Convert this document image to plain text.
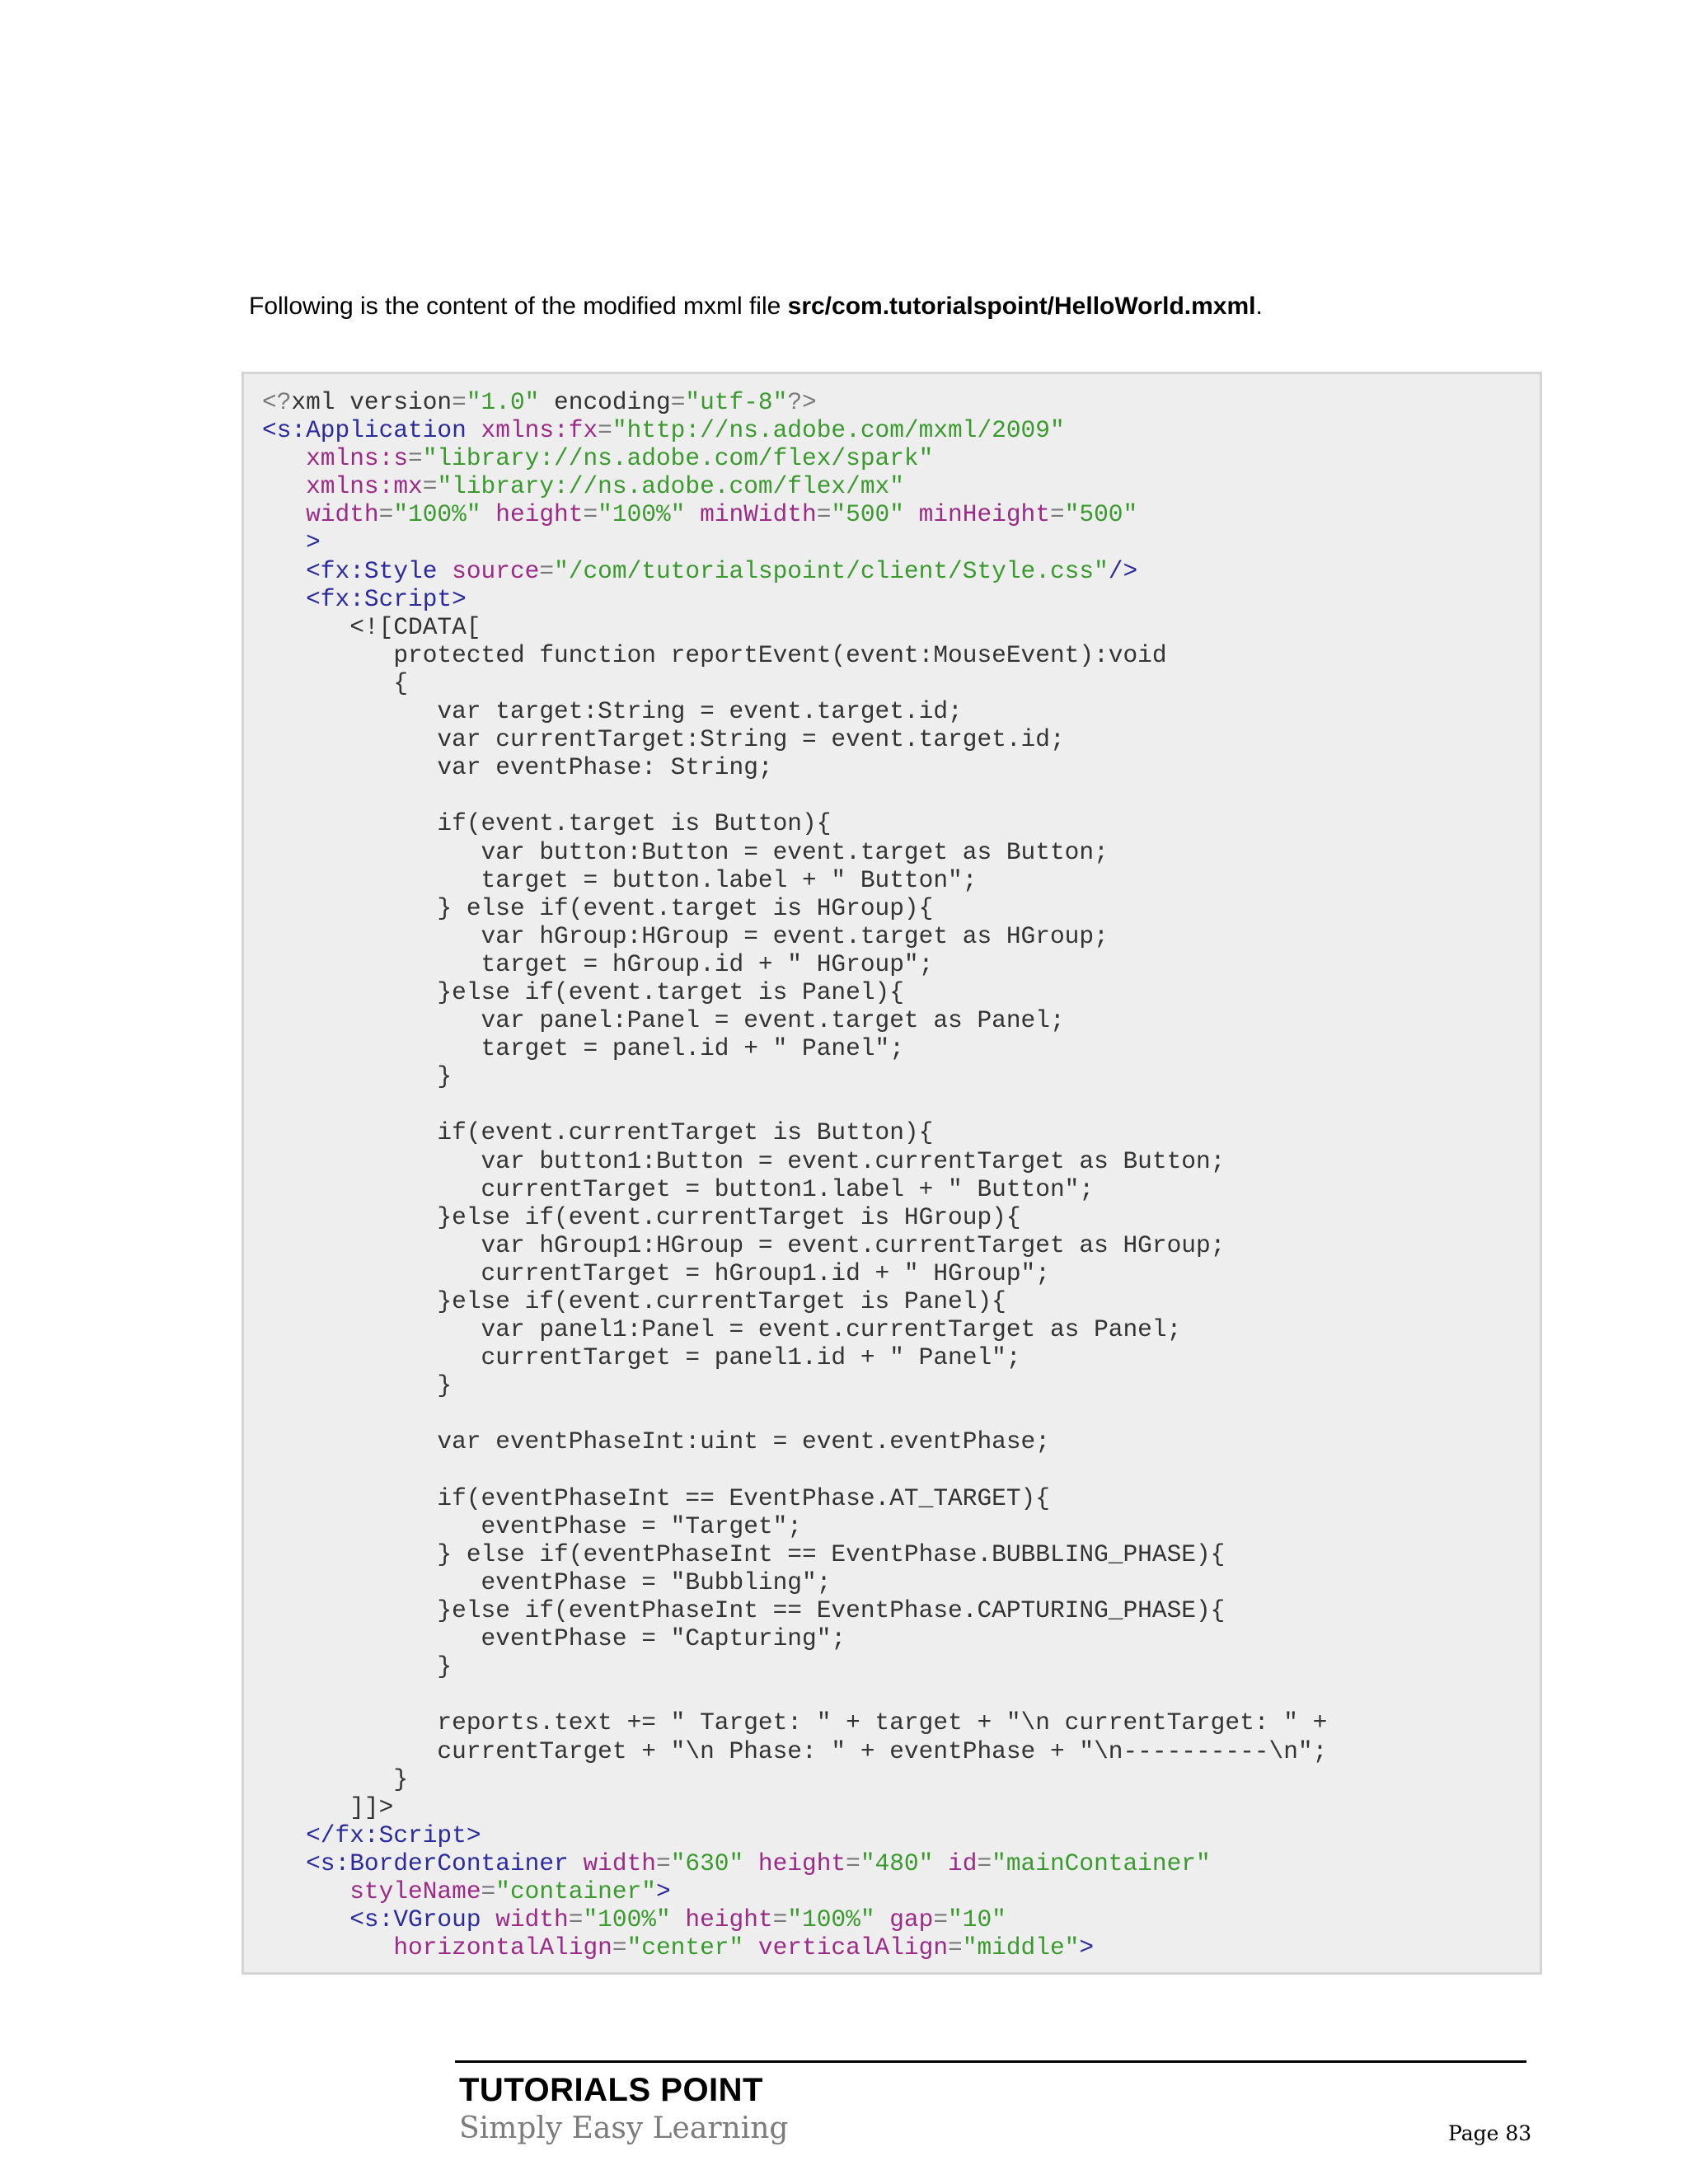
Following is the content of the modified mxml file src/com.tutorialspoint/HelloWorld.mxml.
<?xml version="1.0" encoding="utf-8"?>
<s:Application xmlns:fx="http://ns.adobe.com/mxml/2009"
xmlns:s="library://ns.adobe.com/flex/spark"
xmlns:mx="library://ns.adobe.com/flex/mx"
width="100%" height="100%" minWidth="500" minHeight="500"
>
<fx:Style source="/com/tutorialspoint/client/Style.css"/>
<fx:Script>
<![CDATA[
protected function reportEvent(event:MouseEvent):void
{
var target:String = event.target.id;
var currentTarget:String = event.target.id;
var eventPhase: String;
if(event.target is Button){
var button:Button = event.target as Button;
target = button.label + " Button";
} else if(event.target is HGroup){
var hGroup:HGroup = event.target as HGroup;
target = hGroup.id + " HGroup";
}else if(event.target is Panel){
var panel:Panel = event.target as Panel;
target = panel.id + " Panel";
}
if(event.currentTarget is Button){
var button1:Button = event.currentTarget as Button;
currentTarget = button1.label + " Button";
}else if(event.currentTarget is HGroup){
var hGroup1:HGroup = event.currentTarget as HGroup;
currentTarget = hGroup1.id + " HGroup";
}else if(event.currentTarget is Panel){
var panel1:Panel = event.currentTarget as Panel;
currentTarget = panel1.id + " Panel";
}
var eventPhaseInt:uint = event.eventPhase;
if(eventPhaseInt == EventPhase.AT_TARGET){
eventPhase = "Target";
} else if(eventPhaseInt == EventPhase.BUBBLING_PHASE){
eventPhase = "Bubbling";
}else if(eventPhaseInt == EventPhase.CAPTURING_PHASE){
eventPhase = "Capturing";
}
reports.text += " Target: " + target + "\n currentTarget: " +
currentTarget + "\n Phase: " + eventPhase + "\n----------\n";
}
]]>
</fx:Script>
<s:BorderContainer width="630" height="480" id="mainContainer"
styleName="container">
<s:VGroup width="100%" height="100%" gap="10"
horizontalAlign="center" verticalAlign="middle">
TUTORIALS POINT
Simply Easy Learning	Page 83
